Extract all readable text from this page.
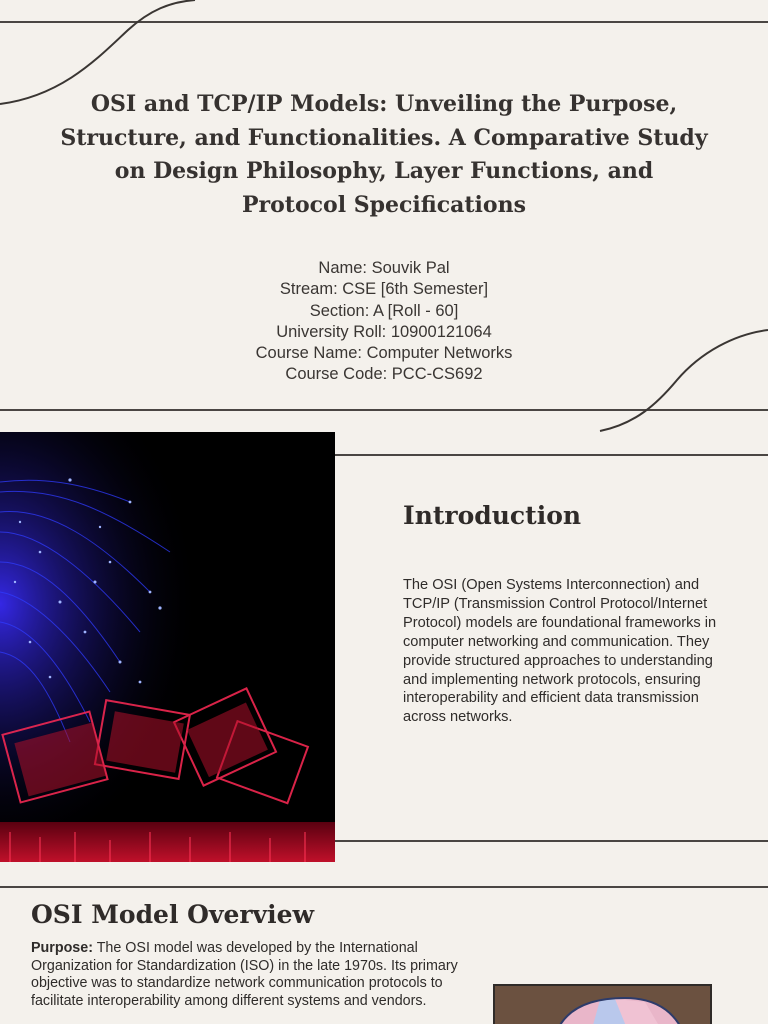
OSI and TCP/IP Models: Unveiling the Purpose, Structure, and Functionalities. A Comparative Study on Design Philosophy, Layer Functions, and Protocol Specifications
Name: Souvik Pal
Stream: CSE [6th Semester]
Section: A [Roll - 60]
University Roll: 10900121064
Course Name: Computer Networks
Course Code: PCC-CS692
Introduction

The OSI (Open Systems Interconnection) and TCP/IP (Transmission Control Protocol/Internet Protocol) models are foundational frameworks in computer networking and communication. They provide structured approaches to understanding and implementing network protocols, ensuring interoperability and efficient data transmission across networks.

OSI Model Overview

Purpose: The OSI model was developed by the International Organization for Standardization (ISO) in the late 1970s. Its primary objective was to standardize network communication protocols to facilitate interoperability among different systems and vendors.
